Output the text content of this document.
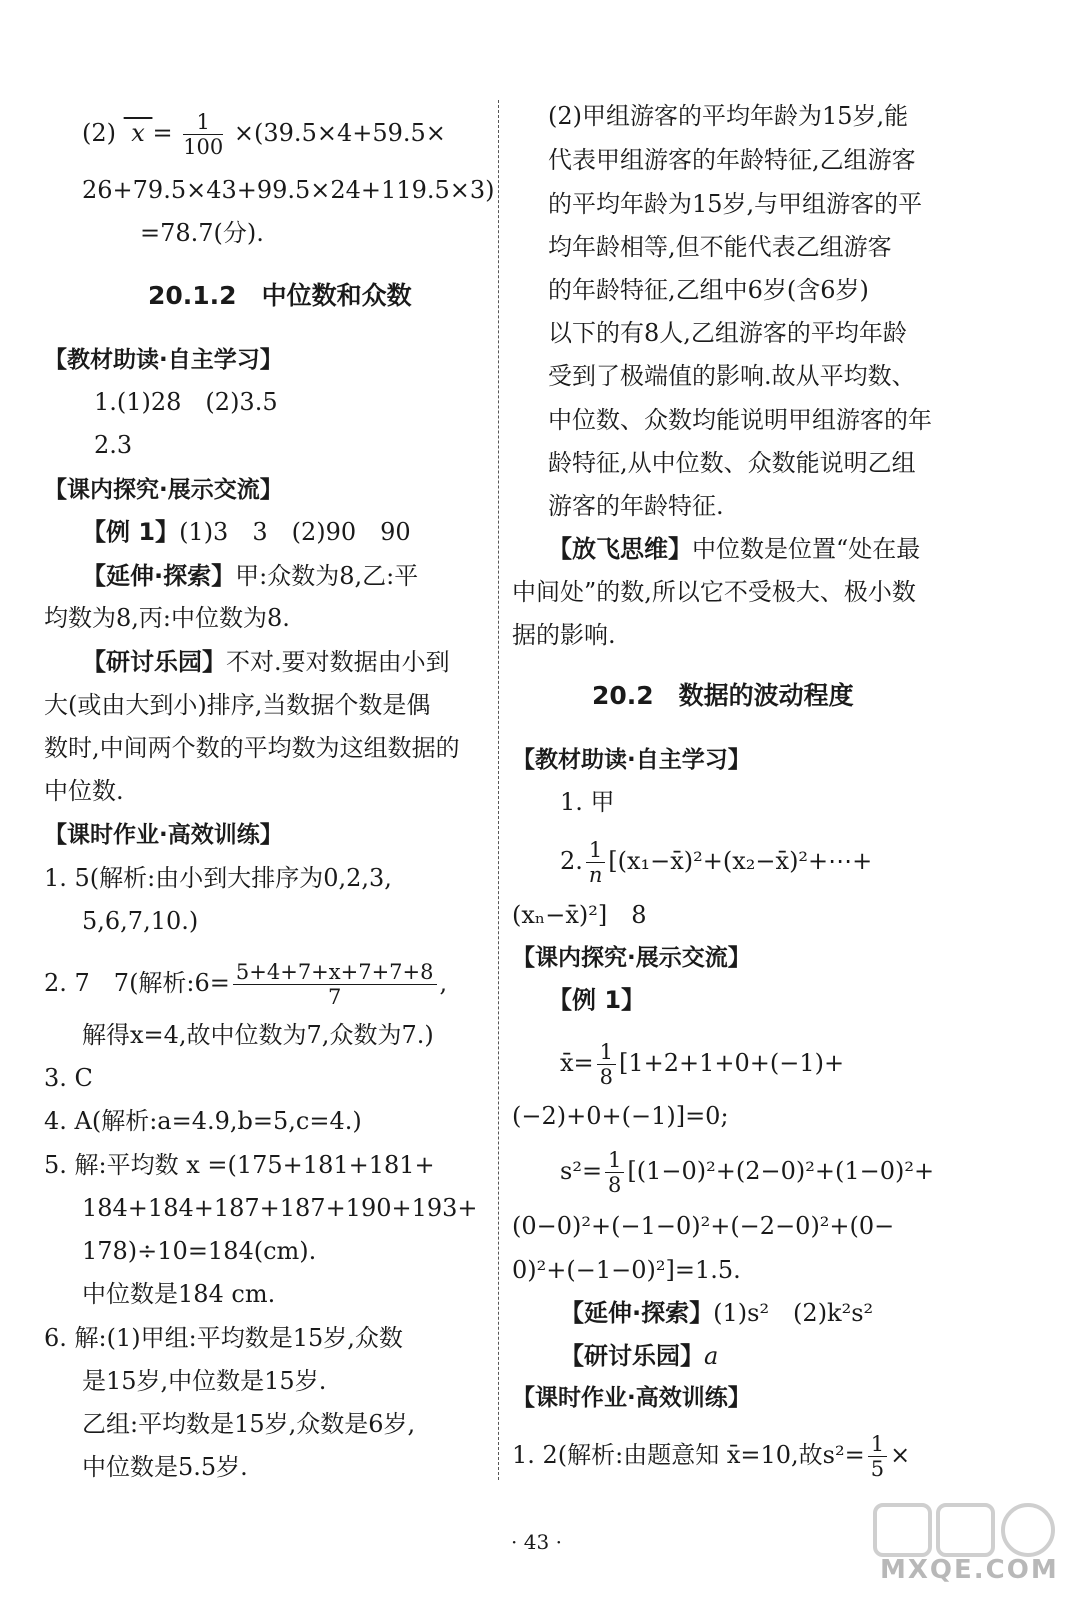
(2)  $x = \frac{1}{100} \times(39.5\times 4+59.5\times$
26+79.5×43+99.5×24+119.5×3)
=78.7(分).
20.1.2　中位数和众数
【教材助读·自主学习】
1.(1)28　(2)3.5
2.3
【课内探究·展示交流】
【例 1】(1)3　3　(2)90　90
【延伸·探索】甲:众数为8,乙:平
均数为8,丙:中位数为8.
【研讨乐园】不对.要对数据由小到
大(或由大到小)排序,当数据个数是偶
数时,中间两个数的平均数为这组数据的
中位数.
【课时作业·高效训练】
1. 5(解析:由小到大排序为0,2,3,
5,6,7,10.)
2. 7　7(解析:6= $\frac{5+4+7+x+7+7+8}{7}$ ,
解得x=4,故中位数为7,众数为7.)
3. C
4. A(解析:a=4.9,b=5,c=4.)
5. 解:平均数 x =(175+181+181+
184+184+187+187+190+193+
178)÷10=184(cm).
中位数是184 cm.
6. 解:(1)甲组:平均数是15岁,众数
是15岁,中位数是15岁.
乙组:平均数是15岁,众数是6岁,
中位数是5.5岁.
(2)甲组游客的平均年龄为15岁,能
代表甲组游客的年龄特征,乙组游客
的平均年龄为15岁,与甲组游客的平
均年龄相等,但不能代表乙组游客
的年龄特征,乙组中6岁(含6岁)
以下的有8人,乙组游客的平均年龄
受到了极端值的影响.故从平均数、
中位数、众数均能说明甲组游客的年
龄特征,从中位数、众数能说明乙组
游客的年龄特征.
【放飞思维】中位数是位置“处在最
中间处”的数,所以它不受极大、极小数
据的影响.
20.2　数据的波动程度
【教材助读·自主学习】
1. 甲
2. $\frac{1}{n}$ [(x₁−x̄)²+(x₂−x̄)²+⋯+
(xₙ−x̄)²]　8
【课内探究·展示交流】
【例 1】
x̄= $\frac{1}{8} [1+2+1+0+(-1)+$
(−2)+0+(−1)]=0;
$s^2= \frac{1}{8} [(1-0)^2+(2-0)^2+(1-0)^2+$
(0−0)²+(−1−0)²+(−2−0)²+(0−
0)²+(−1−0)²]=1.5.
【延伸·探索】(1)s²　(2)k²s²
【研讨乐园】a
【课时作业·高效训练】
1. 2(解析:由题意知 x̄=10,故$s^2= \frac{1}{5}$ ×
· 43 ·
MXQE.COM
